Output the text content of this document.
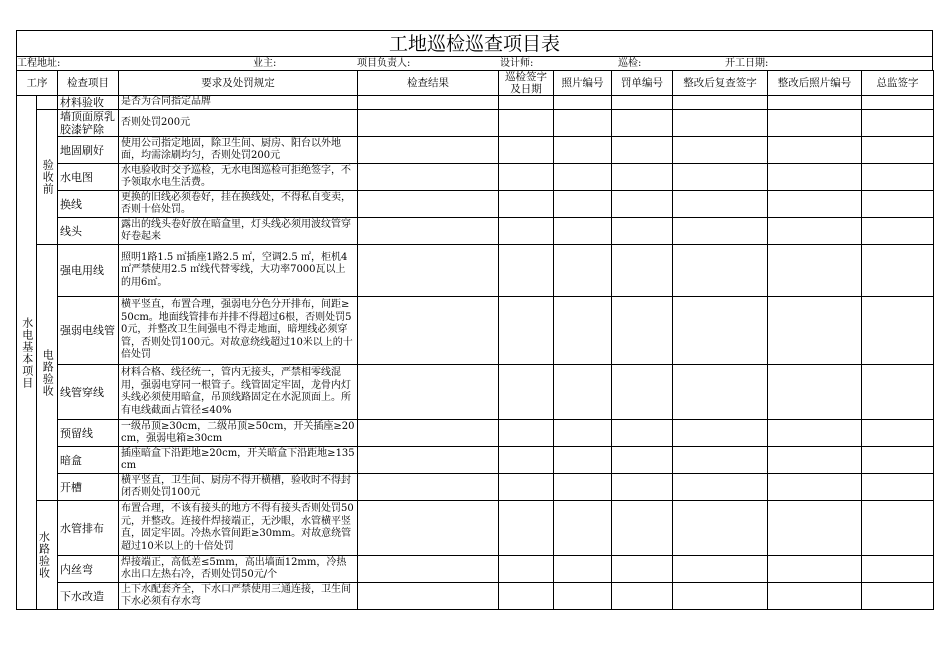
工地巡检巡查项目表
工程地址:	业主:	项目负责人:	设计师:	巡检:	开工日期:
工序		检查项目	要求及处罚规定	检查结果	巡检签字及日期	照片编号	罚单编号	整改后复查签字	整改后照片编号	总监签字
水电基本项目		材料验收	是否为合同指定品牌							
	验收前	墙顶面原乳胶漆铲除	否则处罚200元							
		地固刷好	使用公司指定地固，除卫生间、厨房、阳台以外地面，均需涂刷均匀，否则处罚200元							
		水电图	水电验收时交予巡检，无水电图巡检可拒绝签字，不予领取水电生活费。							
		换线	更换的旧线必须卷好，挂在换线处，不得私自变卖，否则十倍处罚。							
		线头	露出的线头卷好放在暗盒里，灯头线必须用波纹管穿好卷起来							
	电路验收	强电用线	照明1路1.5 ㎡插座1路2.5 ㎡，空调2.5 ㎡，柜机4 ㎡严禁使用2.5 ㎡线代替零线，大功率7000瓦以上的用6㎡。							
		强弱电线管	横平竖直，布置合理，强弱电分色分开排布，间距≥50cm。地面线管排布并排不得超过6根，否则处罚50元，并整改卫生间强电不得走地面，暗埋线必须穿管，否则处罚100元。对故意绕线超过10米以上的十倍处罚							
		线管穿线	材料合格、线径统一，管内无接头，严禁相零线混用，强弱电穿同一根管子。线管固定牢固，龙骨内灯头线必须使用暗盒，吊顶线路固定在水泥顶面上。所有电线截面占管径≤40%							
		预留线	一级吊顶≥30cm，二级吊顶≥50cm，开关插座≥20cm，强弱电箱≥30cm							
		暗盒	插座暗盒下沿距地≥20cm，开关暗盒下沿距地≥135cm							
		开槽	横平竖直，卫生间、厨房不得开横槽，验收时不得封闭否则处罚100元							
	水路验收	水管排布	布置合理，不该有接头的地方不得有接头否则处罚50元，并整改。连接件焊接端正，无沙眼，水管横平竖直，固定牢固。冷热水管间距≥30mm。对故意绕管超过10米以上的十倍处罚							
		内丝弯	焊接端正，高低差≤5mm，高出墙面12mm，冷热水出口左热右冷，否则处罚50元/个							
		下水改造	上下水配套齐全，下水口严禁使用三通连接，卫生间下水必须有存水弯							
